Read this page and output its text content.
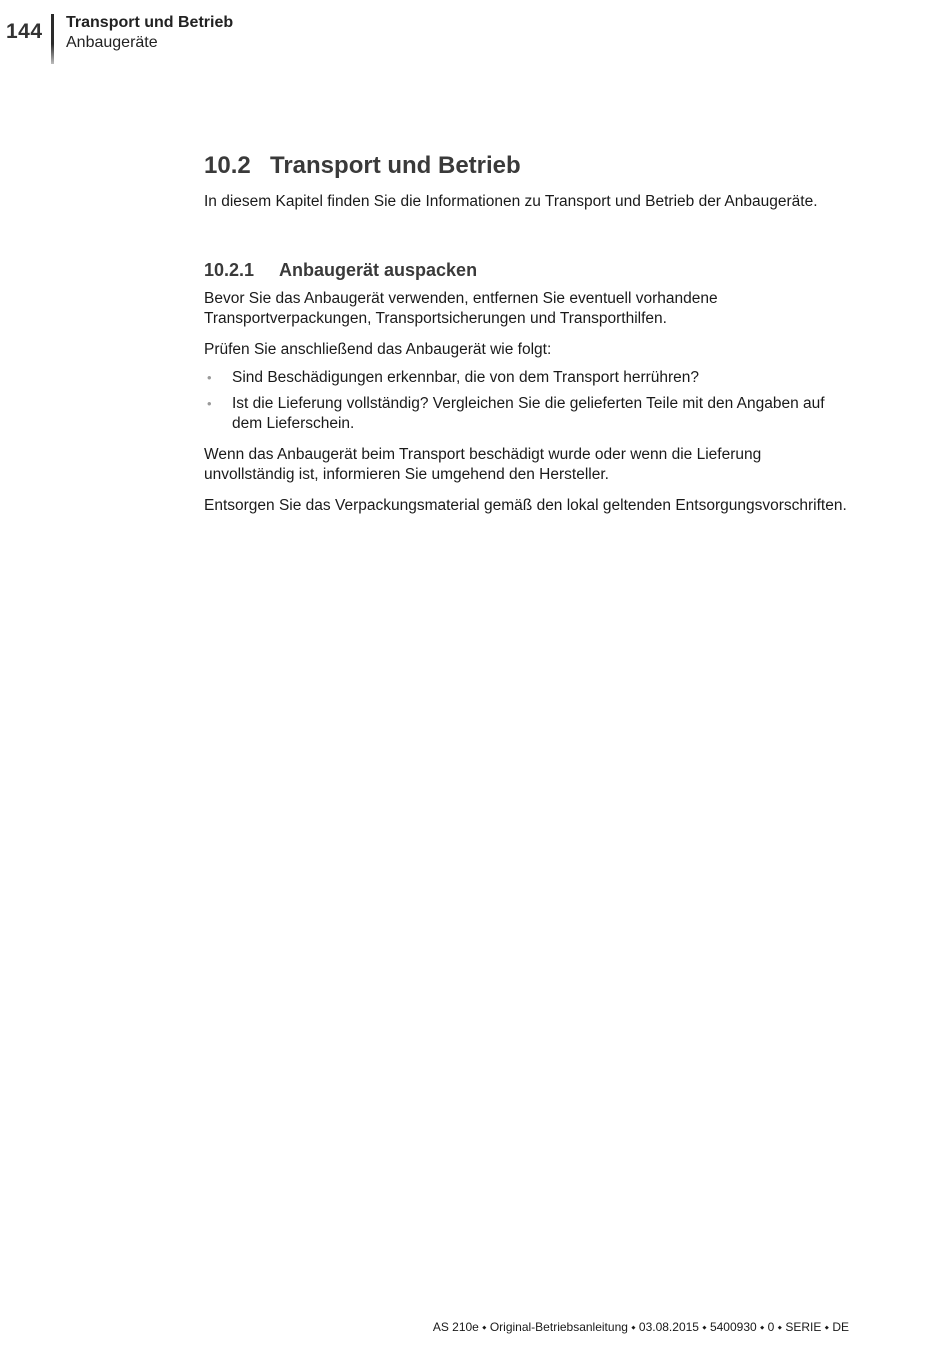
144 Transport und Betrieb
Anbaugeräte
10.2 Transport und Betrieb

In diesem Kapitel finden Sie die Informationen zu Transport und Betrieb der Anbaugeräte.

10.2.1	Anbaugerät auspacken

Bevor Sie das Anbaugerät verwenden, entfernen Sie eventuell vorhandene Transportverpackungen, Transportsicherungen und Transporthilfen.

Prüfen Sie anschließend das Anbaugerät wie folgt:

• Sind Beschädigungen erkennbar, die von dem Transport herrühren?
• Ist die Lieferung vollständig? Vergleichen Sie die gelieferten Teile mit den Angaben auf dem Lieferschein.

Wenn das Anbaugerät beim Transport beschädigt wurde oder wenn die Lieferung unvollständig ist, informieren Sie umgehend den Hersteller.

Entsorgen Sie das Verpackungsmaterial gemäß den lokal geltenden Entsorgungsvorschriften.

AS 210e ⬩ Original-Betriebsanleitung ⬩ 03.08.2015 ⬩ 5400930 ⬩ 0 ⬩ SERIE ⬩ DE
